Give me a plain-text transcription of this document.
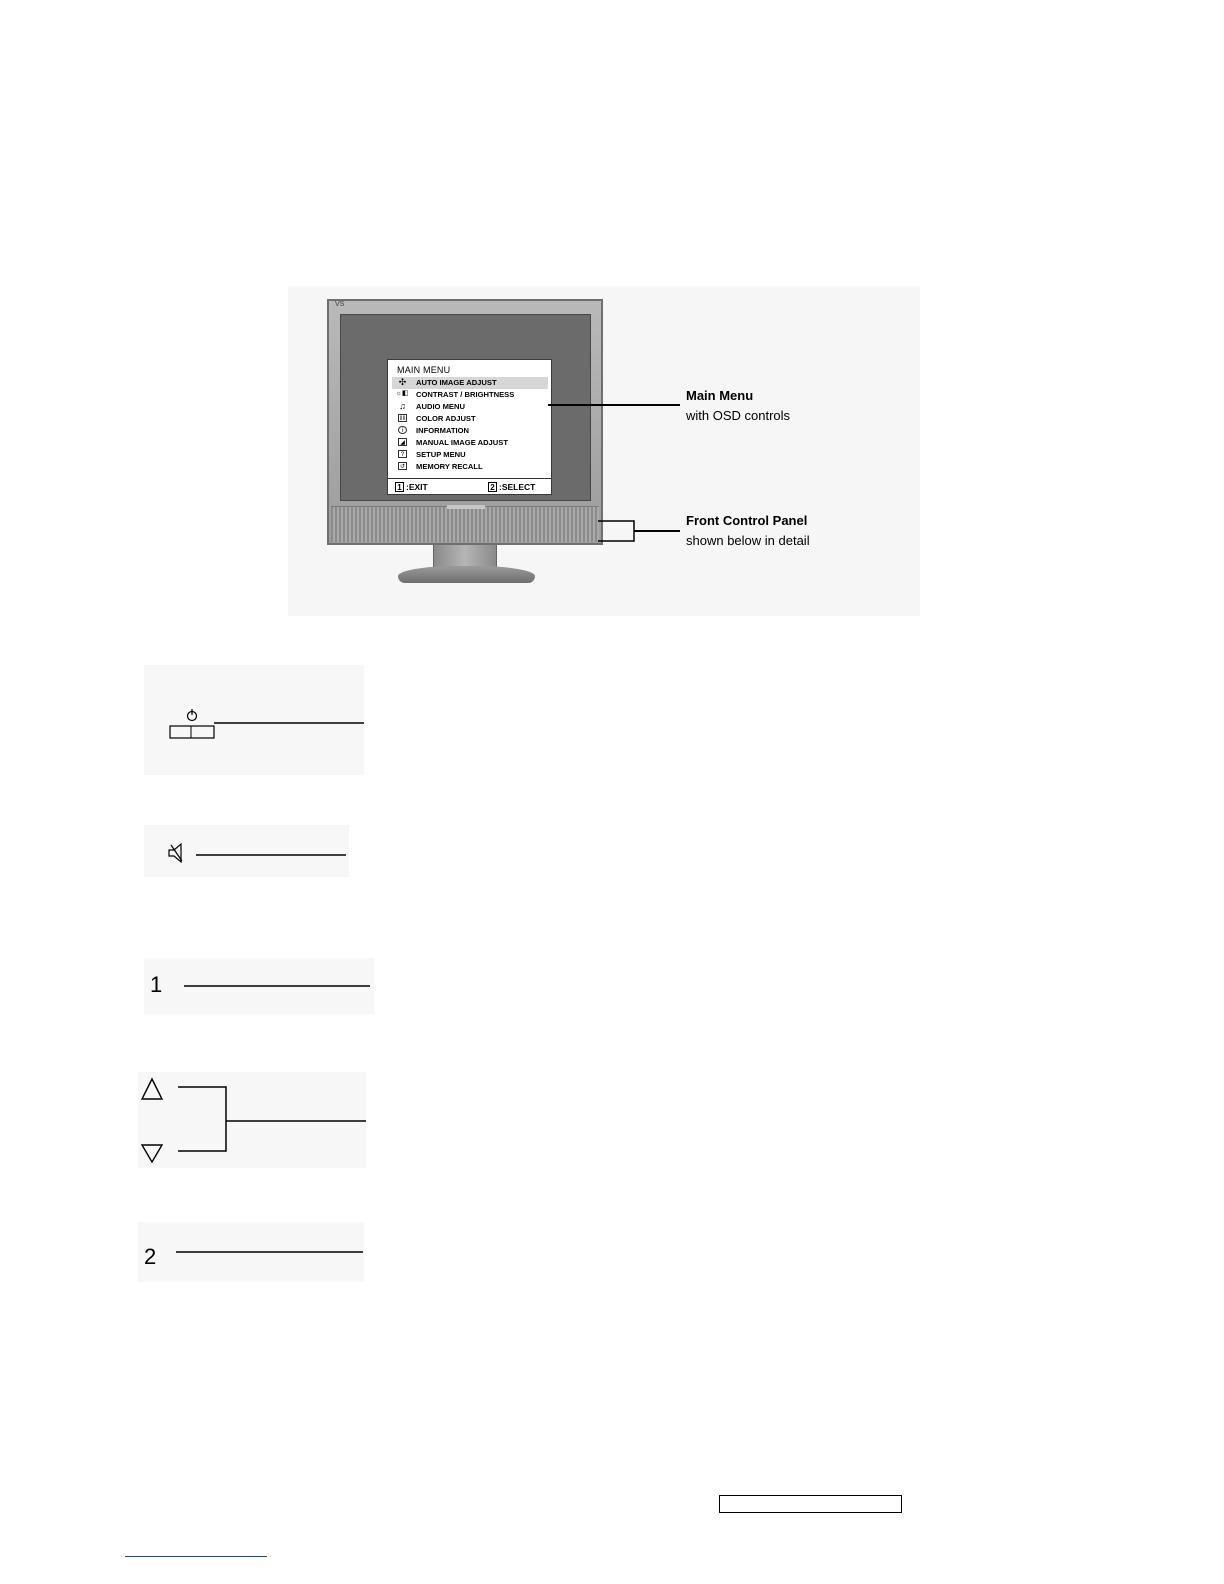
VS
MAIN MENU
✣ AUTO IMAGE ADJUST
☼◧ CONTRAST / BRIGHTNESS
♫ AUDIO MENU
‖‖ COLOR ADJUST
i	INFORMATION
◢ MANUAL IMAGE ADJUST
?	SETUP MENU
↺ MEMORY RECALL
1 :EXIT	2 :SELECT
Main Menu
with OSD controls
Front Control Panel
shown below in detail
1
2
